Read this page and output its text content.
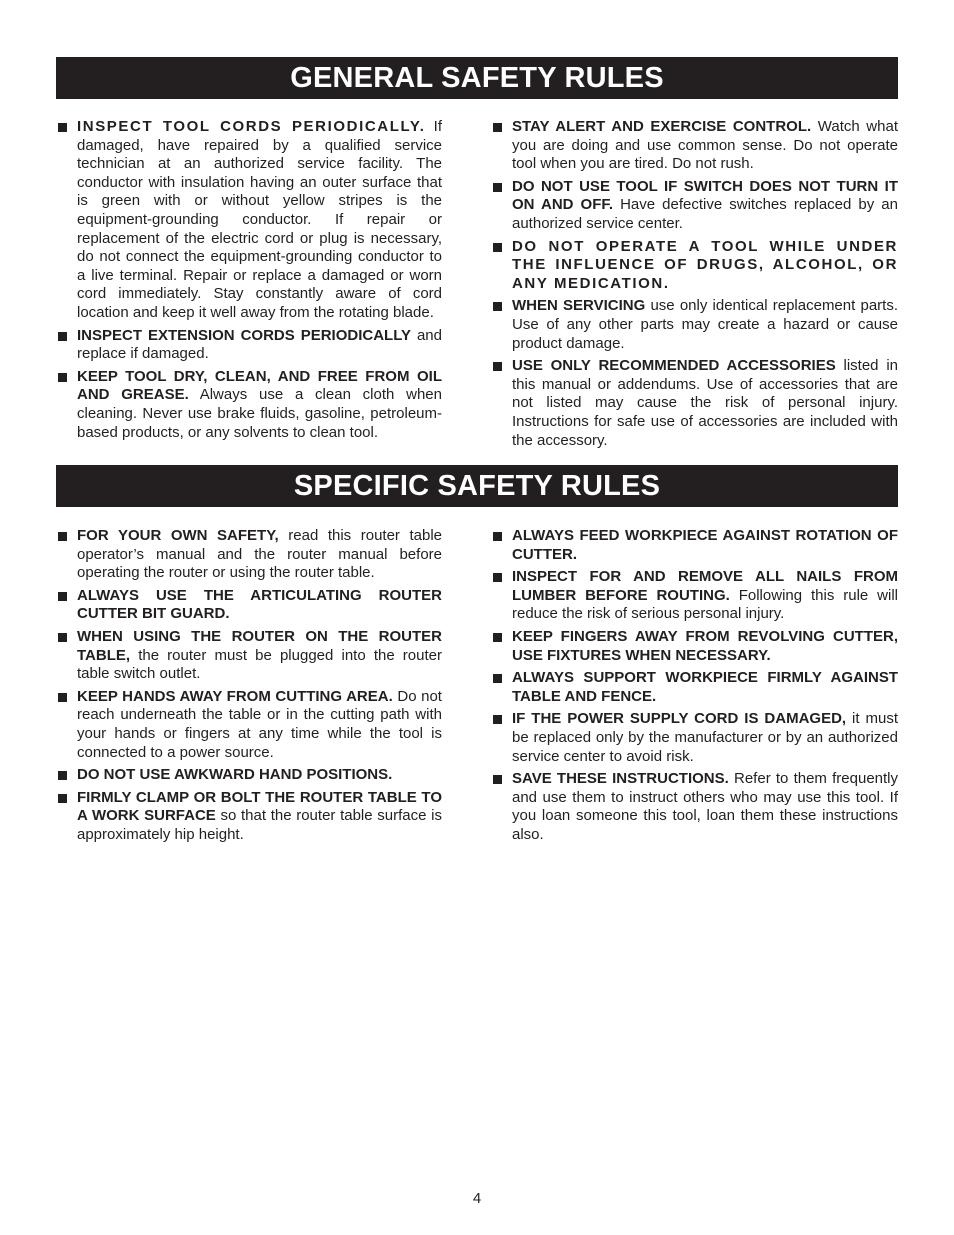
GENERAL SAFETY RULES
INSPECT TOOL CORDS PERIODICALLY. If damaged, have repaired by a qualified service technician at an authorized service facility. The conductor with insulation having an outer surface that is green with or without yellow stripes is the equipment-grounding conductor. If repair or replacement of the electric cord or plug is necessary, do not connect the equipment-grounding conductor to a live terminal. Repair or replace a damaged or worn cord immediately. Stay constantly aware of cord location and keep it well away from the rotating blade.
INSPECT EXTENSION CORDS PERIODICALLY and replace if damaged.
KEEP TOOL DRY, CLEAN, AND FREE FROM OIL AND GREASE. Always use a clean cloth when cleaning. Never use brake fluids, gasoline, petroleum-based products, or any solvents to clean tool.
STAY ALERT AND EXERCISE CONTROL. Watch what you are doing and use common sense. Do not operate tool when you are tired. Do not rush.
DO NOT USE TOOL IF SWITCH DOES NOT TURN IT ON AND OFF. Have defective switches replaced by an authorized service center.
DO NOT OPERATE A TOOL WHILE UNDER THE INFLUENCE OF DRUGS, ALCOHOL, OR ANY MEDICATION.
WHEN SERVICING use only identical replacement parts. Use of any other parts may create a hazard or cause product damage.
USE ONLY RECOMMENDED ACCESSORIES listed in this manual or addendums. Use of accessories that are not listed may cause the risk of personal injury. Instructions for safe use of accessories are included with the accessory.
SPECIFIC SAFETY RULES
FOR YOUR OWN SAFETY, read this router table operator’s manual and the router manual before operating the router or using the router table.
ALWAYS USE THE ARTICULATING ROUTER CUTTER BIT GUARD.
WHEN USING THE ROUTER ON THE ROUTER TABLE, the router must be plugged into the router table switch outlet.
KEEP HANDS AWAY FROM CUTTING AREA. Do not reach underneath the table or in the cutting path with your hands or fingers at any time while the tool is connected to a power source.
DO NOT USE AWKWARD HAND POSITIONS.
FIRMLY CLAMP OR BOLT THE ROUTER TABLE TO A WORK SURFACE so that the router table surface is approximately hip height.
ALWAYS FEED WORKPIECE AGAINST ROTATION OF CUTTER.
INSPECT FOR AND REMOVE ALL NAILS FROM LUMBER BEFORE ROUTING. Following this rule will reduce the risk of serious personal injury.
KEEP FINGERS AWAY FROM REVOLVING CUTTER, USE FIXTURES WHEN NECESSARY.
ALWAYS SUPPORT WORKPIECE FIRMLY AGAINST TABLE AND FENCE.
IF THE POWER SUPPLY CORD IS DAMAGED, it must be replaced only by the manufacturer or by an authorized service center to avoid risk.
SAVE THESE INSTRUCTIONS. Refer to them frequently and use them to instruct others who may use this tool. If you loan someone this tool, loan them these instructions also.
4
